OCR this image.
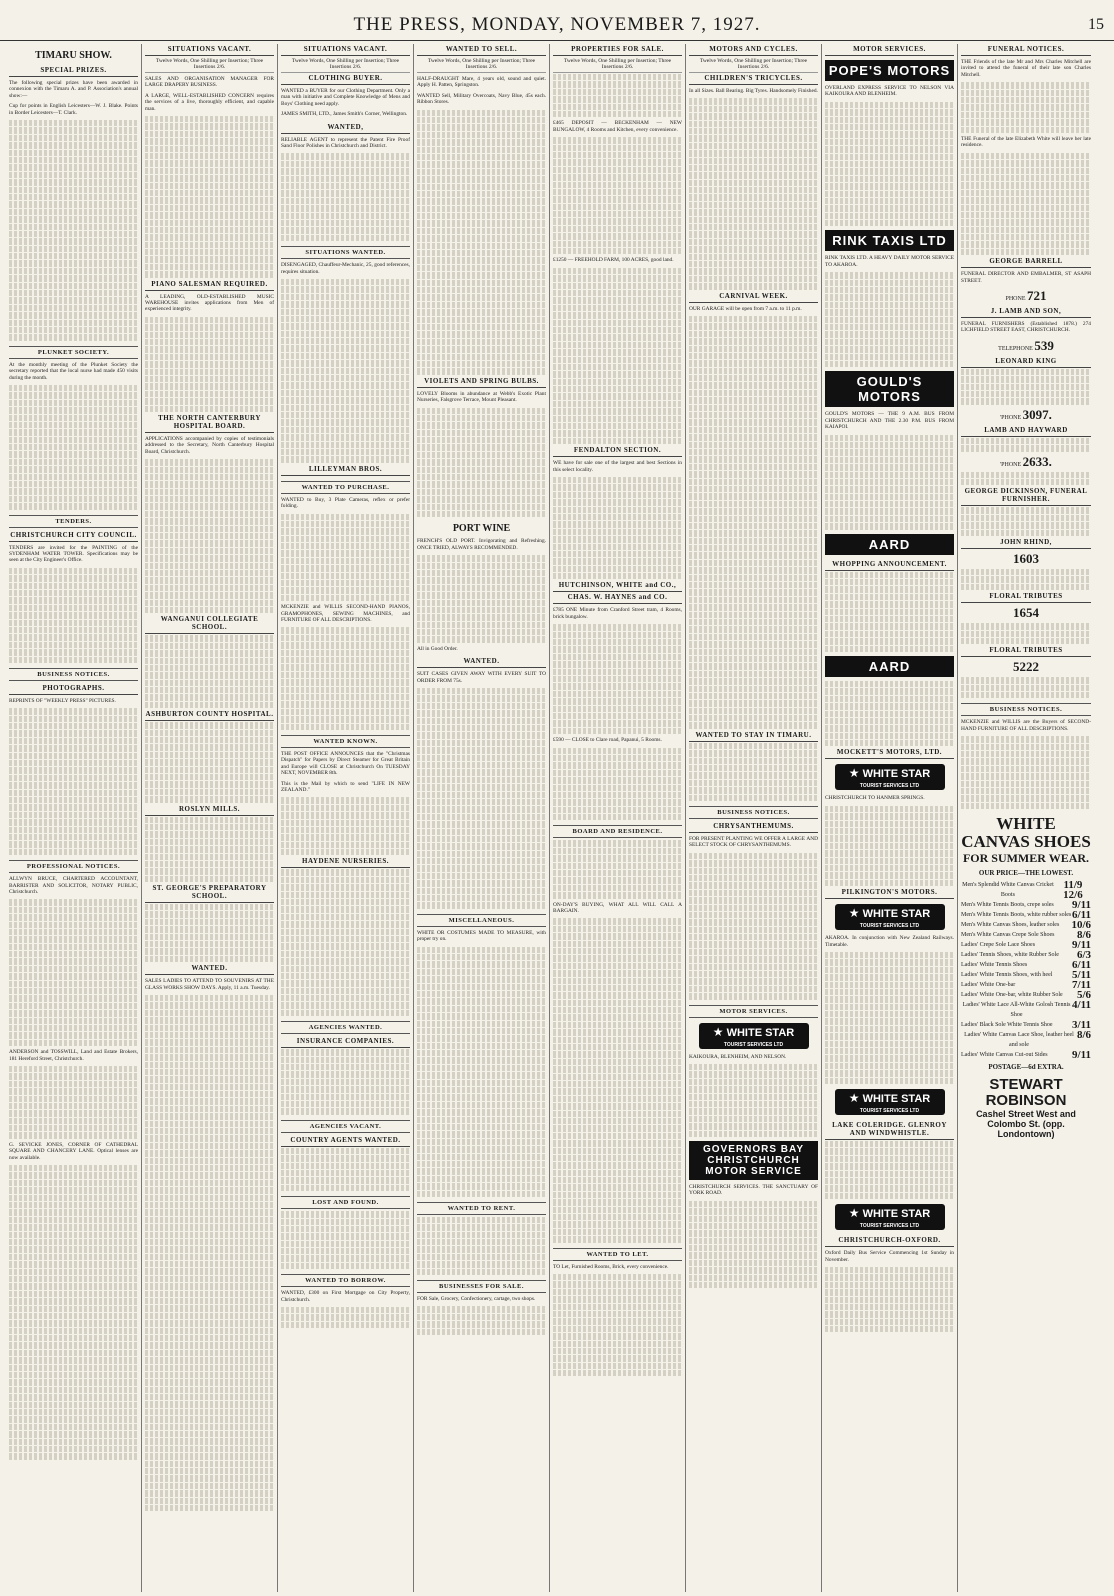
THE PRESS, MONDAY, NOVEMBER 7, 1927.	15
TIMARU SHOW.
SPECIAL PRIZES.
The following special prizes have been awarded in connexion with the Timaru A. and P. Association's annual show:—
Cup for points in English Leicesters—W. J. Blake. Points in Border Leicesters—T. Clark.
PLUNKET SOCIETY.
At the monthly meeting of the Plunket Society the secretary reported that the local nurse had made 450 visits during the month.
TENDERS.
CHRISTCHURCH CITY COUNCIL.
TENDERS are invited for the PAINTING of the SYDENHAM WATER TOWER. Specifications may be seen at the City Engineer's Office.
BUSINESS NOTICES.
PHOTOGRAPHS.
REPRINTS OF "WEEKLY PRESS" PICTURES.
PROFESSIONAL NOTICES.
ALLWYN BRUCE, CHARTERED ACCOUNTANT, BARRISTER AND SOLICITOR, NOTARY PUBLIC, Christchurch.
ANDERSON and TOSSWILL, Land and Estate Brokers, 181 Hereford Street, Christchurch.
G. SEVICKE JONES, CORNER OF CATHEDRAL SQUARE AND CHANCERY LANE. Optical lenses are now available.
SITUATIONS VACANT.
Twelve Words, One Shilling per Insertion; Three Insertions 2/6.
SALES AND ORGANISATION MANAGER FOR LARGE DRAPERY BUSINESS.
A LARGE, WELL-ESTABLISHED CONCERN requires the services of a live, thoroughly efficient, and capable man.
PIANO SALESMAN REQUIRED.
A LEADING, OLD-ESTABLISHED MUSIC WAREHOUSE invites applications from Men of experienced integrity.
THE NORTH CANTERBURY HOSPITAL BOARD.
APPLICATIONS accompanied by copies of testimonials addressed to the Secretary, North Canterbury Hospital Board, Christchurch.
WANGANUI COLLEGIATE SCHOOL.
ASHBURTON COUNTY HOSPITAL.
ROSLYN MILLS.
ST. GEORGE'S PREPARATORY SCHOOL.
WANTED.
SALES LADIES TO ATTEND TO SOUVENIRS AT THE GLASS WORKS SHOW DAYS. Apply, 11 a.m. Tuesday.
SITUATIONS VACANT.
Twelve Words, One Shilling per Insertion; Three Insertions 2/6.
CLOTHING BUYER.
WANTED a BUYER for our Clothing Department. Only a man with initiative and Complete Knowledge of Mens and Boys' Clothing need apply.
JAMES SMITH, LTD., James Smith's Corner, Wellington.
WANTED,
RELIABLE AGENT to represent the Patent Fire Proof Sand Floor Polishes in Christchurch and District.
SITUATIONS WANTED.
DISENGAGED, Chauffeur-Mechanic, 25, good references, requires situation.
LILLEYMAN BROS.
WANTED TO PURCHASE.
WANTED to Buy, 3 Plate Cameras, reflex or prefer folding.
MCKENZIE and WILLIS SECOND-HAND PIANOS, GRAMOPHONES, SEWING MACHINES, and FURNITURE OF ALL DESCRIPTIONS.
WANTED KNOWN.
THE POST OFFICE ANNOUNCES that the "Christmas Dispatch" for Papers by Direct Steamer for Great Britain and Europe will CLOSE at Christchurch On TUESDAY NEXT, NOVEMBER 8th.
This is the Mail by which to send "LIFE IN NEW ZEALAND."
HAYDENE NURSERIES.
AGENCIES WANTED.
INSURANCE COMPANIES.
AGENCIES VACANT.
COUNTRY AGENTS WANTED.
LOST AND FOUND.
WANTED TO BORROW.
WANTED, £300 on First Mortgage on City Property, Christchurch.
WANTED TO SELL.
Twelve Words, One Shilling per Insertion; Three Insertions 2/6.
HALF-DRAUGHT Mare, 4 years old, sound and quiet. Apply H. Patten, Springston.
WANTED Sell, Military Overcoats, Navy Blue, 45s each. Ribbon Stores.
VIOLETS AND SPRING BULBS.
LOVELY Blooms in abundance at Webb's Exotic Plant Nurseries, Falsgrove Terrace, Mount Pleasant.
PORT WINE
FRENCH'S OLD PORT. Invigorating and Refreshing. ONCE TRIED, ALWAYS RECOMMENDED.
All in Good Order.
WANTED.
SUIT CASES GIVEN AWAY WITH EVERY SUIT TO ORDER FROM 75s.
MISCELLANEOUS.
WHITE OR COSTUMES MADE TO MEASURE, with proper try on.
WANTED TO RENT.
BUSINESSES FOR SALE.
FOR Sale, Grocery, Confectionery, cartage, two shops.
PROPERTIES FOR SALE.
Twelve Words, One Shilling per Insertion; Three Insertions 2/6.
£465 DEPOSIT — BECKENHAM — NEW BUNGALOW, 4 Rooms and Kitchen, every convenience.
£1250 — FREEHOLD FARM, 100 ACRES, good land.
FENDALTON SECTION.
WE have for sale one of the largest and best Sections in this select locality.
HUTCHINSON, WHITE and CO.,
CHAS. W. HAYNES and CO.
£785 ONE Minute from Cranford Street tram, 4 Rooms, brick bungalow.
£590 — CLOSE to Clare road, Papanui, 5 Rooms.
BOARD AND RESIDENCE.
ON-DAY'S BUYING, WHAT ALL WILL CALL A BARGAIN.
WANTED TO LET.
TO Let, Furnished Rooms, Brick, every convenience.
MOTORS AND CYCLES.
Twelve Words, One Shilling per Insertion; Three Insertions 2/6.
CHILDREN'S TRICYCLES.
In all Sizes. Ball Bearing. Big Tyres. Handsomely Finished.
CARNIVAL WEEK.
OUR GARAGE will be open from 7 a.m. to 11 p.m.
WANTED TO STAY IN TIMARU.
BUSINESS NOTICES.
CHRYSANTHEMUMS.
FOR PRESENT PLANTING WE OFFER A LARGE AND SELECT STOCK OF CHRYSANTHEMUMS.
MOTOR SERVICES.
★ WHITE STAR
TOURIST SERVICES LTD
KAIKOURA, BLENHEIM, AND NELSON.
GOVERNORS BAY CHRISTCHURCH MOTOR SERVICE
CHRISTCHURCH SERVICES. THE SANCTUARY OF YORK ROAD.
MOTOR SERVICES.
POPE'S MOTORS
OVERLAND EXPRESS SERVICE TO NELSON VIA KAIKOURA AND BLENHEIM.
RINK TAXIS LTD
RINK TAXIS LTD. A HEAVY DAILY MOTOR SERVICE TO AKAROA.
GOULD'S MOTORS
GOULD'S MOTORS — THE 9 A.M. BUS FROM CHRISTCHURCH AND THE 2.30 P.M. BUS FROM KAIAPOI.
AARD
WHOPPING ANNOUNCEMENT.
AARD
MOCKETT'S MOTORS, LTD.
★ WHITE STAR
TOURIST SERVICES LTD
CHRISTCHURCH TO HANMER SPRINGS.
PILKINGTON'S MOTORS.
★ WHITE STAR
TOURIST SERVICES LTD
AKAROA. In conjunction with New Zealand Railways. Timetable.
★ WHITE STAR
TOURIST SERVICES LTD
LAKE COLERIDGE. GLENROY AND WINDWHISTLE.
★ WHITE STAR
TOURIST SERVICES LTD
CHRISTCHURCH-OXFORD.
Oxford Daily Bus Service Commencing 1st Sunday in November.
FUNERAL NOTICES.
THE Friends of the late Mr and Mrs Charles Mitchell are invited to attend the funeral of their late son Charles Mitchell.
THE Funeral of the late Elizabeth White will leave her late residence.
GEORGE BARRELL
FUNERAL DIRECTOR AND EMBALMER, ST ASAPH STREET.
PHONE 721
J. LAMB AND SON,
FUNERAL FURNISHERS (Established 1878.) 274 LICHFIELD STREET EAST, CHRISTCHURCH.
TELEPHONE 539
LEONARD KING
'PHONE 3097.
LAMB AND HAYWARD
'PHONE 2633.
GEORGE DICKINSON, FUNERAL FURNISHER.
JOHN RHIND,
1603
FLORAL TRIBUTES
1654
FLORAL TRIBUTES
5222
BUSINESS NOTICES.
MCKENZIE and WILLIS are the Buyers of SECOND-HAND FURNITURE OF ALL DESCRIPTIONS.
WHITE CANVAS SHOES
FOR SUMMER WEAR.
OUR PRICE—THE LOWEST.
Men's Splendid White Canvas Cricket Boots
11/9 12/6
Men's White Tennis Boots, crepe soles 9/11
Men's White Tennis Boots, white rubber soles 6/11
Men's White Canvas Shoes, leather soles 10/6
Men's White Canvas Crepe Sole Shoes 8/6
Ladies' Crepe Sole Lace Shoes	9/11
Ladies' Tennis Shoes, white Rubber Sole 6/3
Ladies' White Tennis Shoes	6/11
Ladies' White Tennis Shoes, with heel 5/11
Ladies' White One-bar	7/11
Ladies' White One-bar, white Rubber Sole 5/6
Ladies' White Lace All-White Golosh Tennis Shoe
4/11
Ladies' Black Sole White Tennis Shoe 3/11
Ladies' White Canvas Lace Shoe, leather heel and sole
8/6
Ladies' White Canvas Cut-out Sides 9/11
POSTAGE—6d EXTRA.
STEWART ROBINSON
Cashel Street West and Colombo St. (opp. Londontown)
